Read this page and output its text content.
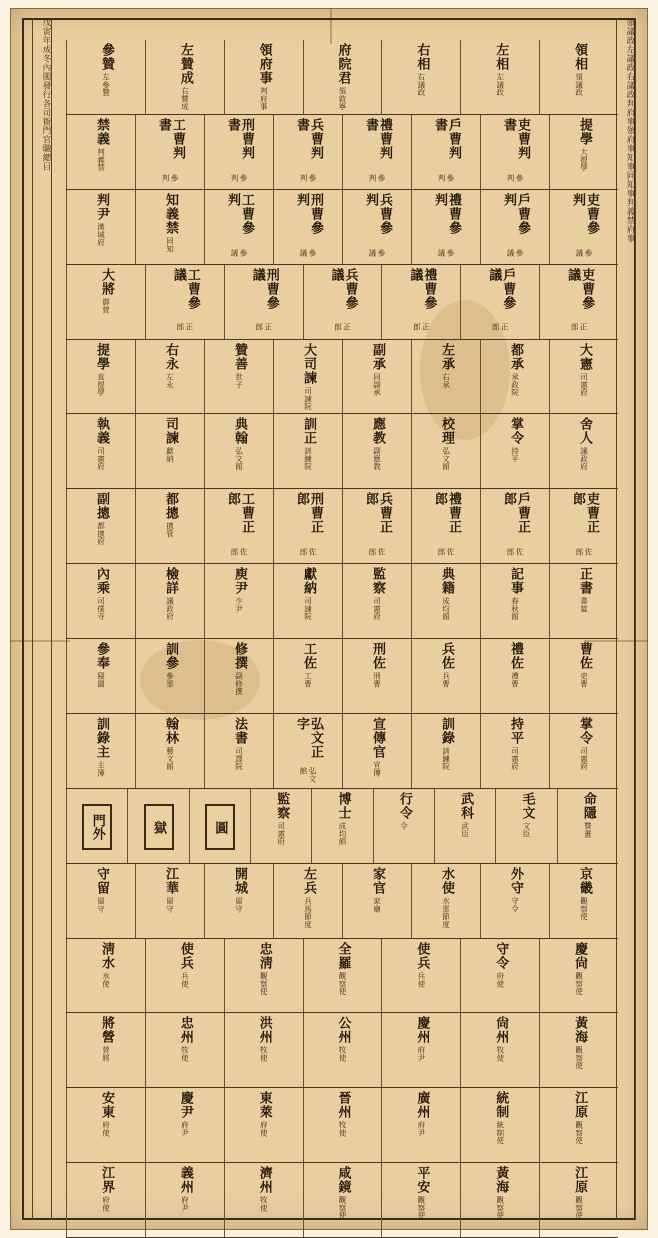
領相
領議政
左相
左議政
右相
右議政
府院君
領敦寧
領府事
判府事
左贊成
右贊成
參贊
左參贊
提學
大提學
吏曹判書
參判
戶曹判書
參判
禮曹判書
參判
兵曹判書
參判
刑曹判書
參判
工曹判書
參判
禁義
判義禁
吏曹參判
參議
戶曹參判
參議
禮曹參判
參議
兵曹參判
參議
刑曹參判
參議
工曹參判
參議
知義禁
同知
判尹
漢城府
吏曹參議
正郎
戶曹參議
正郎
禮曹參議
正郎
兵曹參議
正郎
刑曹參議
正郎
工曹參議
正郎
大將
御營
大憲
司憲府
都承
承政院
左承
右承
副承
同副承
大司諫
司諫院
贊善
世子
右永
左永
提學
直提學
舍人
議政府
掌令
持平
校理
弘文館
應教
副應教
訓正
訓鍊院
典翰
弘文館
司諫
獻納
執義
司憲府
吏曹正郎
佐郎
戶曹正郎
佐郎
禮曹正郎
佐郎
兵曹正郎
佐郎
刑曹正郎
佐郎
工曹正郎
佐郎
都摠
摠管
副摠
都摠府
正書
書筵
記事
春秋館
典籍
成均館
監察
司憲府
獻納
司諫院
庾尹
少尹
檢詳
議政府
內乘
司僕寺
曹佐
吏曹
禮佐
禮曹
兵佐
兵曹
刑佐
刑曹
工佐
工曹
修撰
副修撰
訓參
參軍
參奉
寢園
掌令
司憲府
持平
司憲府
訓錄
訓鍊院
宣傳官
宣傳
弘文正字
弘文館
法書
司譯院
翰林
藝文館
訓錄主
主簿
命隱
贊畫
毛文
文臣
武科
武臣
行令
令
博士
成均館
監察
司憲府
圓
獄
門外
京畿
觀察使
外守
守令
水使
水軍節度
家官
家廟
左兵
兵馬節度
開城
留守
江華
留守
守留
留守
慶尙
觀察使
守令
府使
使兵
兵使
全羅
觀察使
忠淸
觀察使
使兵
兵使
淸水
水使
黃海
觀察使
尙州
牧使
慶州
府尹
公州
牧使
洪州
牧使
忠州
牧使
將營
營將
江原
觀察使
統制
統制使
廣州
府尹
晉州
牧使
東萊
府使
慶尹
府尹
安東
府使
江原
觀察使
黃海
觀察使
平安
觀察使
咸鏡
觀察使
濟州
牧使
義州
府尹
江界
府使
戊寅年成冬內閣發行各司衙門官職總目	領議政左議政右議政判府事領府事知事同知事判義禁府事
